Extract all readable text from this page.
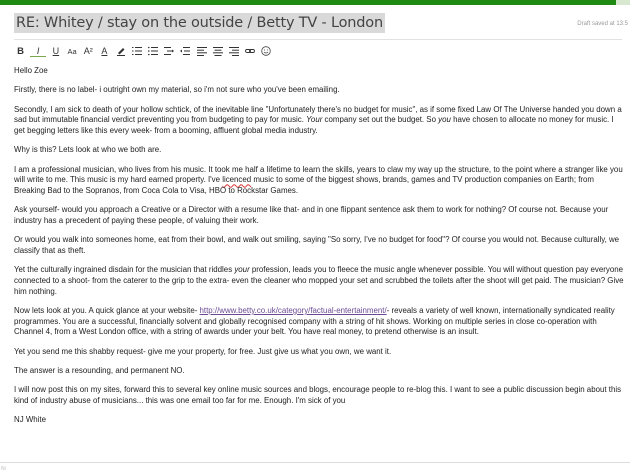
RE: Whitey / stay on the outside / Betty TV - London	Draft saved at 13:5
B I U Aa A² A

Hello Zoe

Firstly, there is no label- i outright own my material, so i'm not sure who you've been emailing.

Secondly, I am sick to death of your hollow schtick, of the inevitable line "Unfortunately there's no budget for music", as if some fixed Law Of The Universe handed you down a sad but immutable financial verdict preventing you from budgeting to pay for music. Your company set out the budget. So you have chosen to allocate no money for music. I get begging letters like this every week- from a booming, affluent global media industry.

Why is this? Lets look at who we both are.

I am a professional musician, who lives from his music. It took me half a lifetime to learn the skills, years to claw my way up the structure, to the point where a stranger like you will write to me. This music is my hard earned property. I've licenced music to some of the biggest shows, brands, games and TV production companies on Earth; from Breaking Bad to the Sopranos, from Coca Cola to Visa, HBO to Rockstar Games.

Ask yourself- would you approach a Creative or a Director with a resume like that- and in one flippant sentence ask them to work for nothing? Of course not. Because your industry has a precedent of paying these people, of valuing their work.

Or would you walk into someones home, eat from their bowl, and walk out smiling, saying "So sorry, I've no budget for food"? Of course you would not. Because culturally, we classify that as theft.

Yet the culturally ingrained disdain for the musician that riddles your profession, leads you to fleece the music angle whenever possible. You will without question pay everyone connected to a shoot- from the caterer to the grip to the extra- even the cleaner who mopped your set and scrubbed the toilets after the shoot will get paid. The musician? Give him nothing.

Now lets look at you. A quick glance at your website- http://www.betty.co.uk/category/factual-entertainment/- reveals a variety of well known, internationally syndicated reality programmes. You are a successful, financially solvent and globally recognised company with a string of hit shows. Working on multiple series in close co-operation with Channel 4, from a West London office, with a string of awards under your belt. You have real money, to pretend otherwise is an insult.

Yet you send me this shabby request- give me your property, for free. Just give us what you own, we want it.

The answer is a resounding, and permanent NO.

I will now post this on my sites, forward this to several key online music sources and blogs, encourage people to re-blog this. I want to see a public discussion begin about this kind of industry abuse of musicians... this was one email too far for me. Enough. I'm sick of you

NJ White

Ni
